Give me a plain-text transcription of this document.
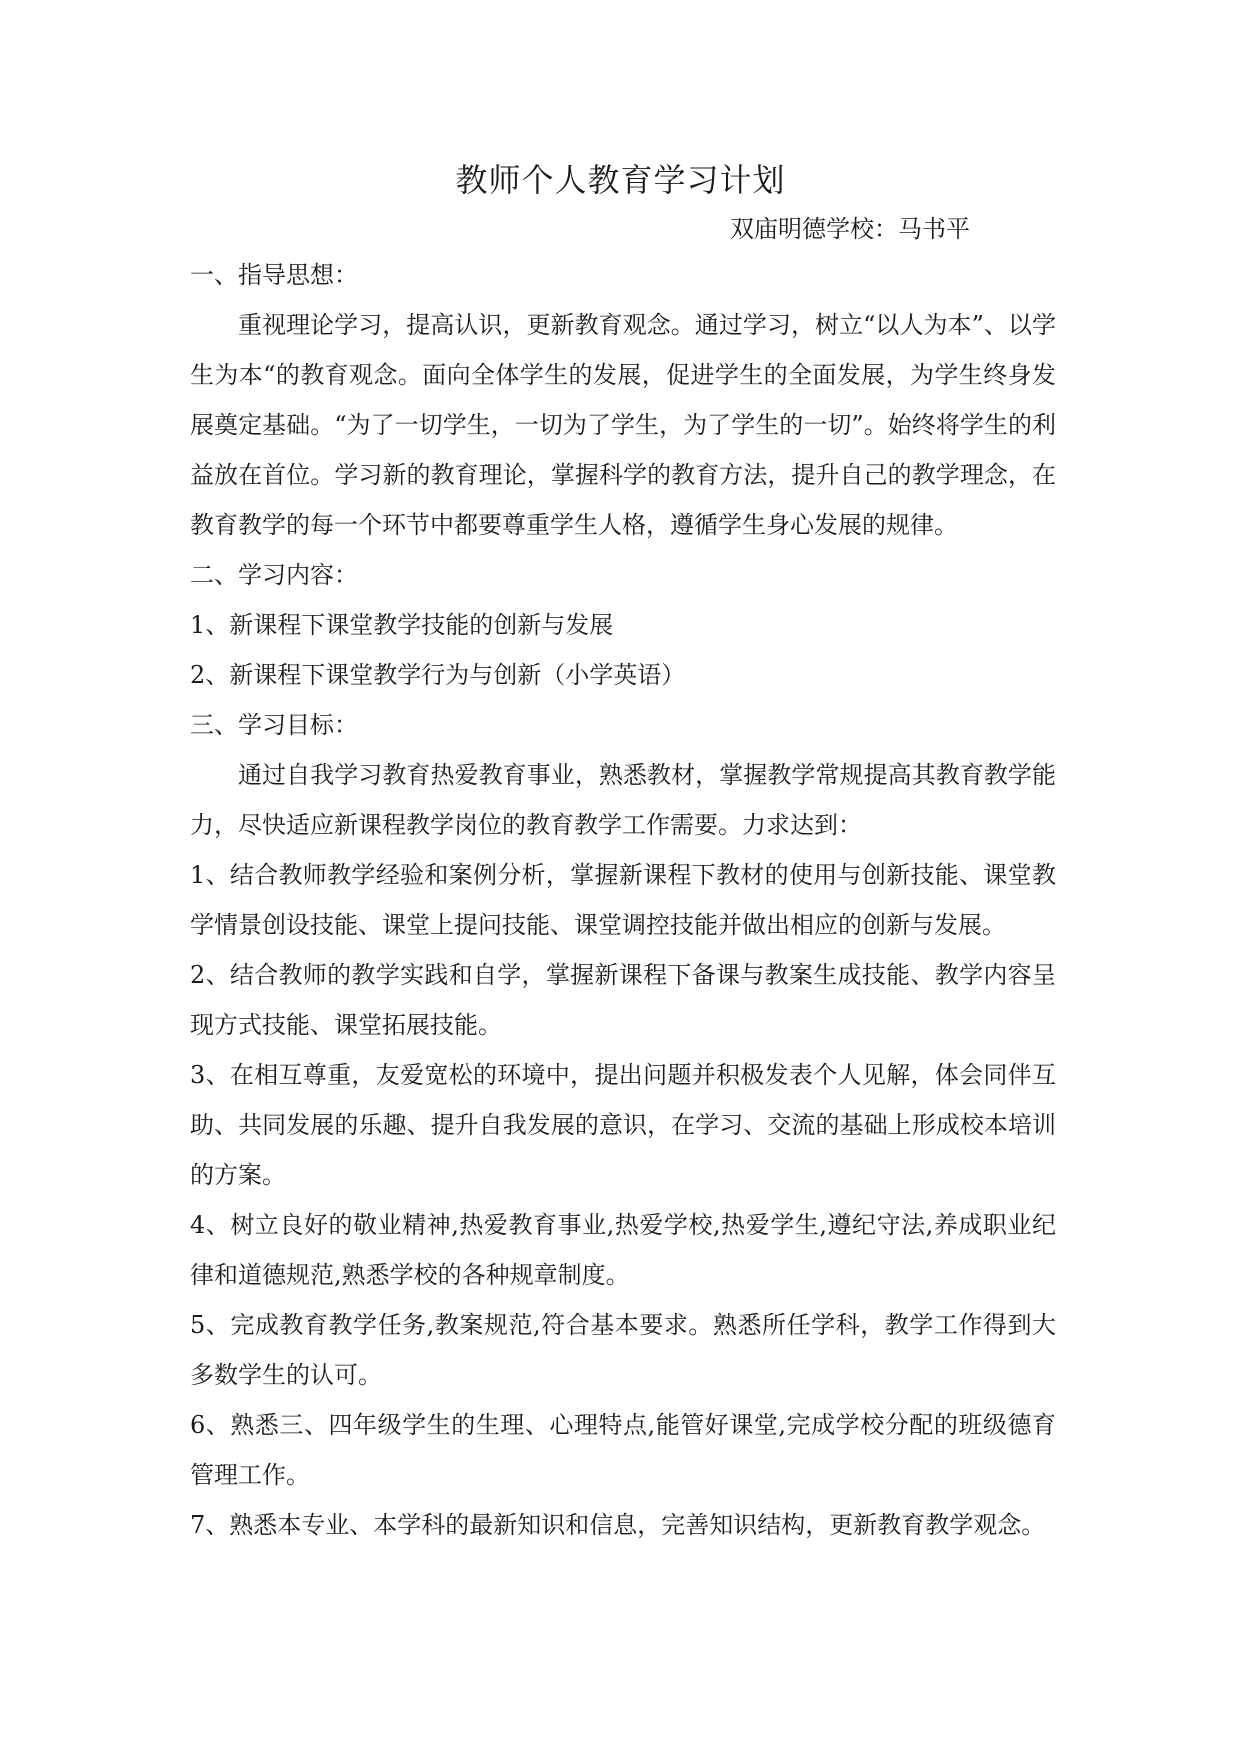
教师个人教育学习计划
双庙明德学校：马书平

一、指导思想：

重视理论学习，提高认识，更新教育观念。通过学习，树立“以人为本”、以学生为本“的教育观念。面向全体学生的发展，促进学生的全面发展，为学生终身发展奠定基础。“为了一切学生，一切为了学生，为了学生的一切”。始终将学生的利益放在首位。学习新的教育理论，掌握科学的教育方法，提升自己的教学理念，在教育教学的每一个环节中都要尊重学生人格，遵循学生身心发展的规律。

二、学习内容：

1、新课程下课堂教学技能的创新与发展

2、新课程下课堂教学行为与创新（小学英语）

三、学习目标：

通过自我学习教育热爱教育事业，熟悉教材，掌握教学常规提高其教育教学能力，尽快适应新课程教学岗位的教育教学工作需要。力求达到：

1、结合教师教学经验和案例分析，掌握新课程下教材的使用与创新技能、课堂教学情景创设技能、课堂上提问技能、课堂调控技能并做出相应的创新与发展。

2、结合教师的教学实践和自学，掌握新课程下备课与教案生成技能、教学内容呈现方式技能、课堂拓展技能。

3、在相互尊重，友爱宽松的环境中，提出问题并积极发表个人见解，体会同伴互助、共同发展的乐趣、提升自我发展的意识，在学习、交流的基础上形成校本培训的方案。

4、树立良好的敬业精神,热爱教育事业,热爱学校,热爱学生,遵纪守法,养成职业纪律和道德规范,熟悉学校的各种规章制度。

5、完成教育教学任务,教案规范,符合基本要求。熟悉所任学科，教学工作得到大多数学生的认可。

6、熟悉三、四年级学生的生理、心理特点,能管好课堂,完成学校分配的班级德育管理工作。

7、熟悉本专业、本学科的最新知识和信息，完善知识结构，更新教育教学观念。
